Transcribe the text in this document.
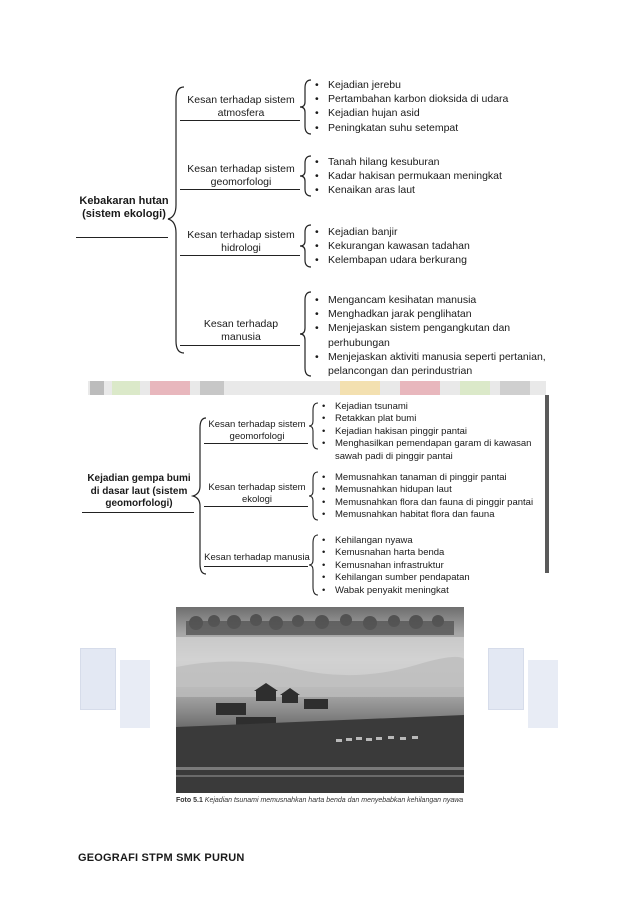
Kebakaran hutan (sistem ekologi)
Kesan terhadap sistem atmosfera
• Kejadian jerebu
• Pertambahan karbon dioksida di udara
• Kejadian hujan asid
• Peningkatan suhu setempat
Kesan terhadap sistem geomorfologi
• Tanah hilang kesuburan
• Kadar hakisan permukaan meningkat
• Kenaikan aras laut
Kesan terhadap sistem hidrologi
• Kejadian banjir
• Kekurangan kawasan tadahan
• Kelembapan udara berkurang
Kesan terhadap manusia
• Mengancam kesihatan manusia
• Menghadkan jarak penglihatan
• Menjejaskan sistem pengangkutan dan perhubungan
• Menjejaskan aktiviti manusia seperti pertanian, pelancongan dan perindustrian
Kejadian gempa bumi di dasar laut (sistem geomorfologi)
Kesan terhadap sistem geomorfologi
• Kejadian tsunami
• Retakkan plat bumi
• Kejadian hakisan pinggir pantai
• Menghasilkan pemendapan garam di kawasan sawah padi di pinggir pantai
Kesan terhadap sistem ekologi
• Memusnahkan tanaman di pinggir pantai
• Memusnahkan hidupan laut
• Memusnahkan flora dan fauna di pinggir pantai
• Memusnahkan habitat flora dan fauna
Kesan terhadap manusia
• Kehilangan nyawa
• Kemusnahan harta benda
• Kemusnahan infrastruktur
• Kehilangan sumber pendapatan
• Wabak penyakit meningkat
Foto 5.1 Kejadian tsunami memusnahkan harta benda dan menyebabkan kehilangan nyawa
GEOGRAFI STPM SMK PURUN
